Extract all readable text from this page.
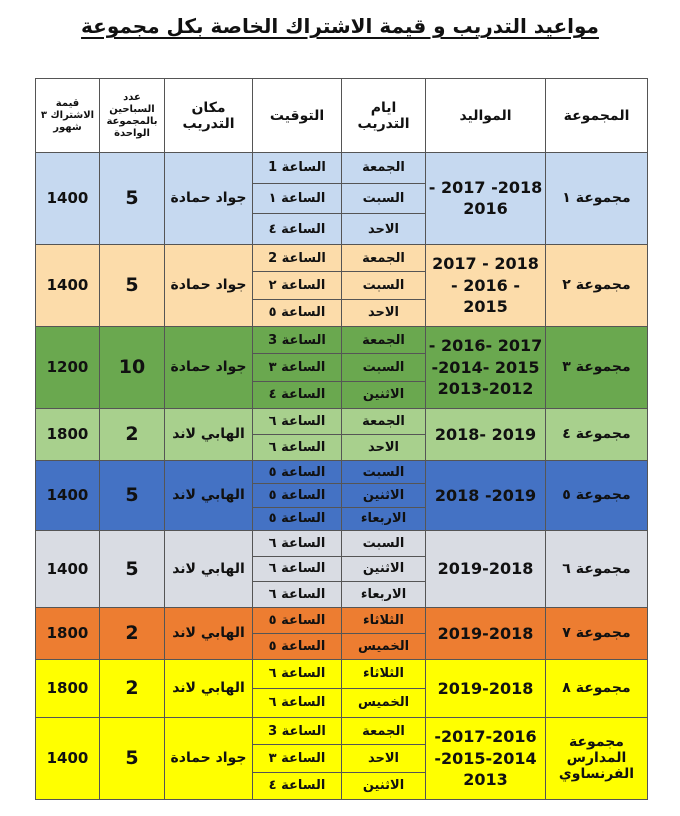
مواعيد التدريب و قيمة الاشتراك الخاصة بكل مجموعة
المجموعة	المواليد	ايام التدريب	التوقيت	مكان التدريب	عدد السباحين بالمجموعة الواحدة	قيمة الاشتراك ٣ شهور
مجموعة ١	2018- 2017 - 2016	الجمعة	الساعة 1	جواد حمادة	5	1400
		السبت	الساعة ١			
		الاحد	الساعة ٤			
مجموعة ٢	2018 - 2017 - 2016 - 2015	الجمعة	الساعة 2	جواد حمادة	5	1400
		السبت	الساعة ٢			
		الاحد	الساعة ٥			
مجموعة ٣	2017 -2016 - 2015 -2014- 2013-2012	الجمعة	الساعة 3	جواد حمادة	10	1200
		السبت	الساعة ٣			
		الاثنين	الساعة ٤			
مجموعة ٤	2019 -2018	الجمعة	الساعة ٦	الهابي لاند	2	1800
		الاحد	الساعة ٦			
مجموعة ٥	2019- 2018	السبت	الساعة ٥	الهابي لاند	5	1400
		الاثنين	الساعة ٥			
		الاربعاء	الساعة ٥			
مجموعة ٦	2019-2018	السبت	الساعة ٦	الهابي لاند	5	1400
		الاثنين	الساعة ٦			
		الاربعاء	الساعة ٦			
مجموعة ٧	2019-2018	الثلاثاء	الساعة ٥	الهابي لاند	2	1800
		الخميس	الساعة ٥			
مجموعة ٨	2019-2018	الثلاثاء	الساعة ٦	الهابي لاند	2	1800
		الخميس	الساعة ٦			
مجموعة المدارس الفرنساوي	2017-2016- 2015-2014- 2013	الجمعة	الساعة 3	جواد حمادة	5	1400
		الاحد	الساعة ٣			
		الاثنين	الساعة ٤			
